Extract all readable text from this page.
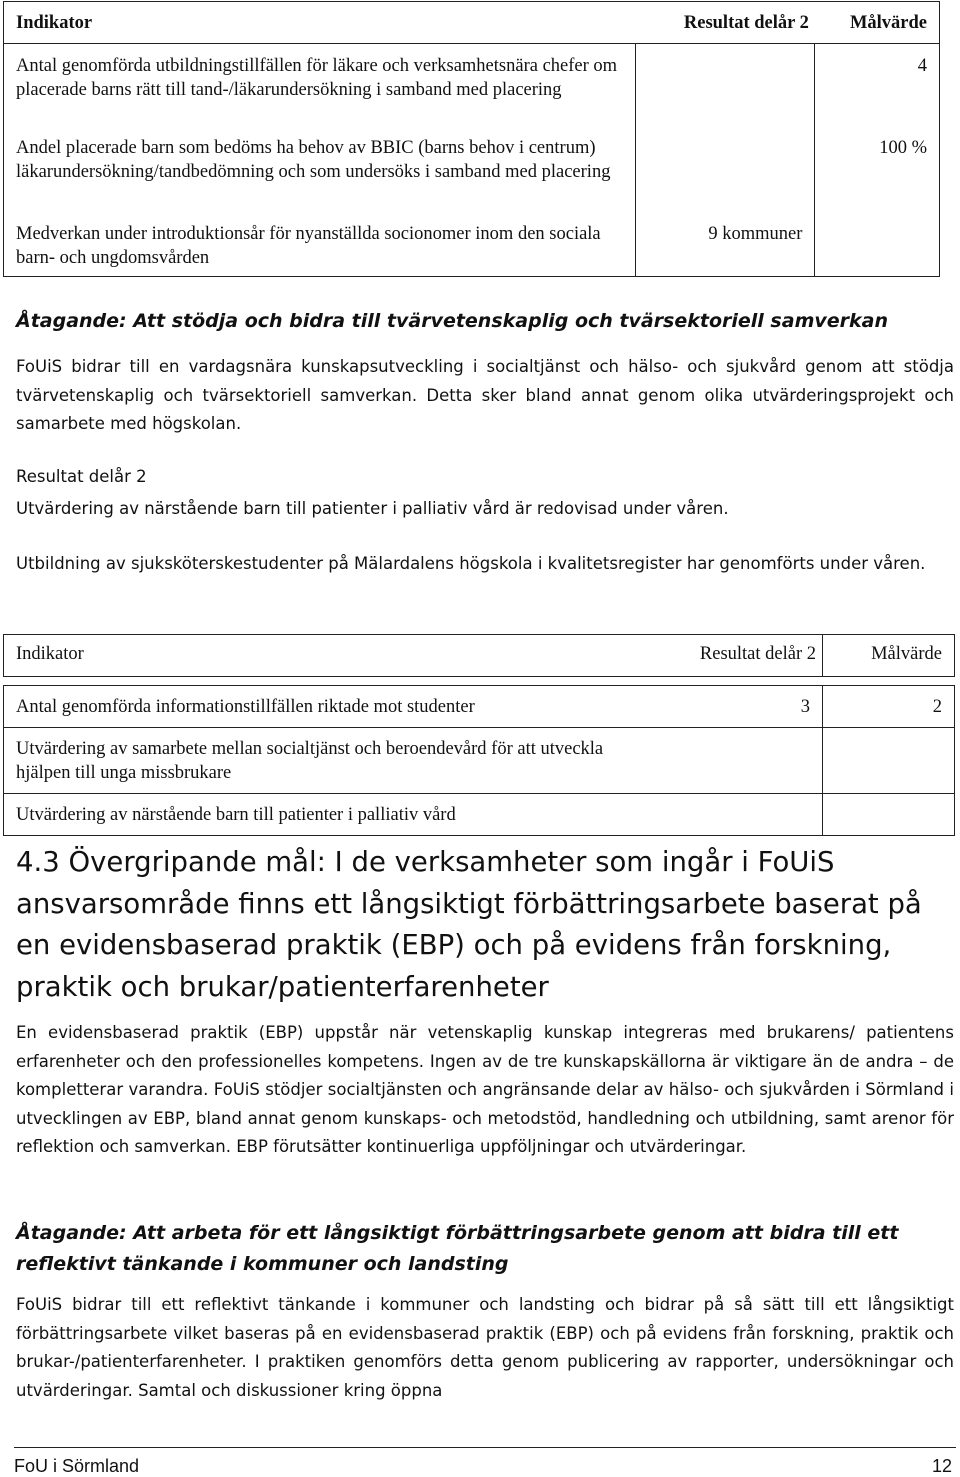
Indikator	Resultat delår 2	Målvärde
Antal genomförda utbildningstillfällen för läkare och verksamhetsnära chefer om placerade barns rätt till tand-/läkarundersökning i samband med placering		4
Andel placerade barn som bedöms ha behov av BBIC (barns behov i centrum) läkarundersökning/tandbedömning och som undersöks i samband med placering		100 %
Medverkan under introduktionsår för nyanställda socionomer inom den sociala barn- och ungdomsvården	9 kommuner	

Åtagande: Att stödja och bidra till tvärvetenskaplig och tvärsektoriell samverkan

FoUiS bidrar till en vardagsnära kunskapsutveckling i socialtjänst och hälso- och sjukvård genom att stödja tvärvetenskaplig och tvärsektoriell samverkan. Detta sker bland annat genom olika utvärderingsprojekt och samarbete med högskolan.

Resultat delår 2

Utvärdering av närstående barn till patienter i palliativ vård är redovisad under våren.

Utbildning av sjuksköterskestudenter på Mälardalens högskola i kvalitetsregister har genomförts under våren.

Indikator	Resultat delår 2	Målvärde

Antal genomförda informationstillfällen riktade mot studenter	3	2
Utvärdering av samarbete mellan socialtjänst och beroendevård för att utveckla hjälpen till unga missbrukare		
Utvärdering av närstående barn till patienter i palliativ vård		
4.3 Övergripande mål: I de verksamheter som ingår i FoUiS ansvarsområde finns ett långsiktigt förbättringsarbete baserat på en evidensbaserad praktik (EBP) och på evidens från forskning, praktik och brukar/patienterfarenheter

En evidensbaserad praktik (EBP) uppstår när vetenskaplig kunskap integreras med brukarens/ patientens erfarenheter och den professionelles kompetens. Ingen av de tre kunskapskällorna är viktigare än de andra – de kompletterar varandra. FoUiS stödjer socialtjänsten och angränsande delar av hälso- och sjukvården i Sörmland i utvecklingen av EBP, bland annat genom kunskaps- och metodstöd, handledning och utbildning, samt arenor för reflektion och samverkan. EBP förutsätter kontinuerliga uppföljningar och utvärderingar.

Åtagande: Att arbeta för ett långsiktigt förbättringsarbete genom att bidra till ett reflektivt tänkande i kommuner och landsting

FoUiS bidrar till ett reflektivt tänkande i kommuner och landsting och bidrar på så sätt till ett långsiktigt förbättringsarbete vilket baseras på en evidensbaserad praktik (EBP) och på evidens från forskning, praktik och brukar-/patienterfarenheter. I praktiken genomförs detta genom publicering av rapporter, undersökningar och utvärderingar. Samtal och diskussioner kring öppna

FoU i Sörmland	12
